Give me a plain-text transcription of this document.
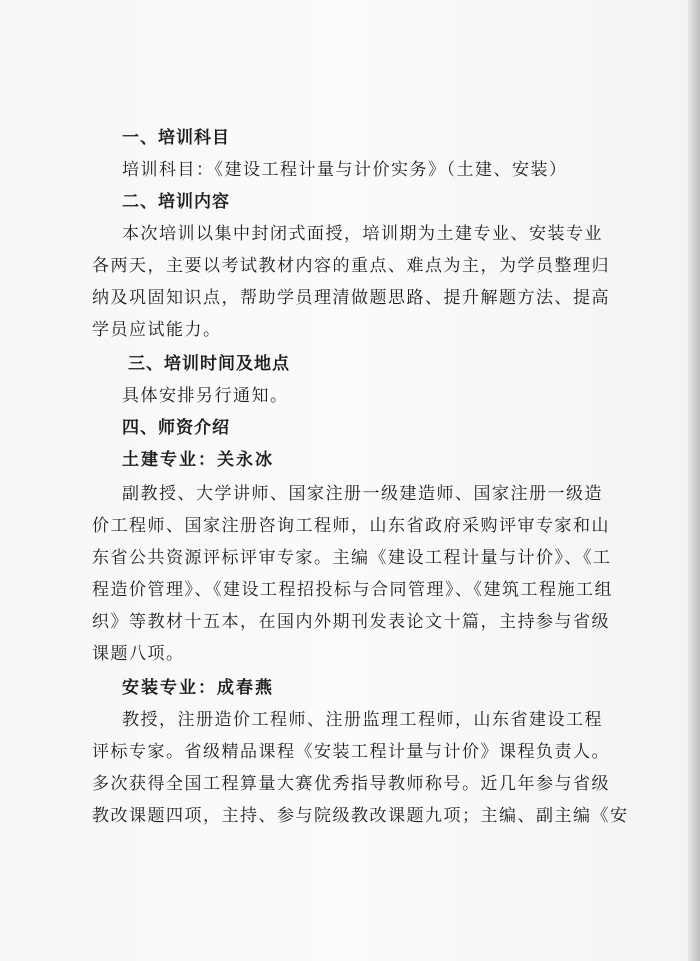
一、培训科目
培训科目：《建设工程计量与计价实务》（土建、安装）
二、培训内容
本次培训以集中封闭式面授，培训期为土建专业、安装专业
各两天，主要以考试教材内容的重点、难点为主，为学员整理归
纳及巩固知识点，帮助学员理清做题思路、提升解题方法、提高
学员应试能力。
三、培训时间及地点
具体安排另行通知。
四、师资介绍
土建专业：关永冰
副教授、大学讲师、国家注册一级建造师、国家注册一级造
价工程师、国家注册咨询工程师，山东省政府采购评审专家和山
东省公共资源评标评审专家。主编《建设工程计量与计价》、《工
程造价管理》、《建设工程招投标与合同管理》、《建筑工程施工组
织》等教材十五本，在国内外期刊发表论文十篇，主持参与省级
课题八项。
安装专业：成春燕
教授，注册造价工程师、注册监理工程师，山东省建设工程
评标专家。省级精品课程《安装工程计量与计价》课程负责人。
多次获得全国工程算量大赛优秀指导教师称号。近几年参与省级
教改课题四项，主持、参与院级教改课题九项；主编、副主编《安
